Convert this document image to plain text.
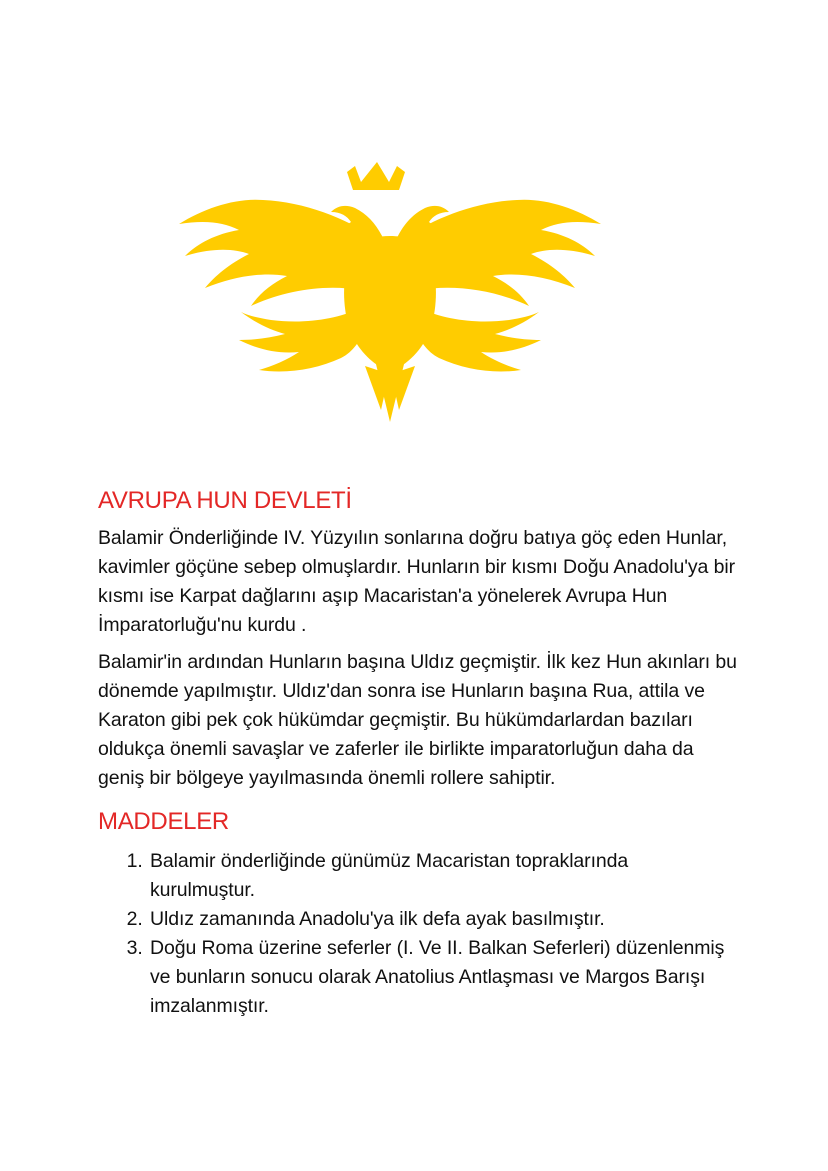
AVRUPA HUN DEVLETİ

Balamir Önderliğinde IV. Yüzyılın sonlarına doğru batıya göç eden Hunlar, kavimler göçüne sebep olmuşlardır. Hunların bir kısmı Doğu Anadolu'ya bir kısmı ise Karpat dağlarını aşıp Macaristan'a yönelerek Avrupa Hun İmparatorluğu'nu kurdu .

Balamir'in ardından Hunların başına Uldız geçmiştir. İlk kez Hun akınları bu dönemde yapılmıştır. Uldız'dan sonra ise Hunların başına Rua, attila ve Karaton gibi pek çok hükümdar geçmiştir. Bu hükümdarlardan bazıları oldukça önemli savaşlar ve zaferler ile birlikte imparatorluğun daha da geniş bir bölgeye yayılmasında önemli rollere sahiptir.

MADDELER
1. Balamir önderliğinde günümüz Macaristan topraklarında kurulmuştur.
2. Uldız zamanında Anadolu'ya ilk defa ayak basılmıştır.
3. Doğu Roma üzerine seferler (I. Ve II. Balkan Seferleri) düzenlenmiş ve bunların sonucu olarak Anatolius Antlaşması ve Margos Barışı imzalanmıştır.
